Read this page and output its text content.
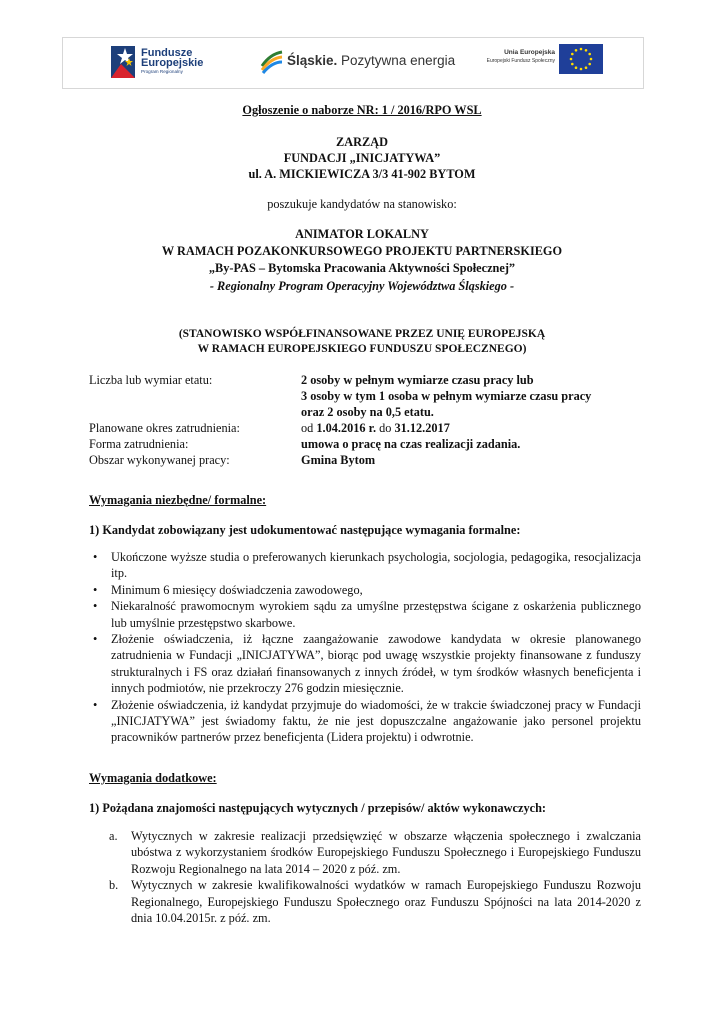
Fundusze
Europejskie
Program Regionalny
Śląskie. Pozytywna energia
Unia Europejska
Europejski Fundusz Społeczny
Ogłoszenie o naborze NR: 1 / 2016/RPO WSL
ZARZĄD
FUNDACJI „INICJATYWA”
ul. A. MICKIEWICZA 3/3 41-902 BYTOM
poszukuje kandydatów na stanowisko:
ANIMATOR LOKALNY
W RAMACH POZAKONKURSOWEGO PROJEKTU PARTNERSKIEGO
„By-PAS – Bytomska Pracowania Aktywności Społecznej”
- Regionalny Program Operacyjny Województwa Śląskiego -
(STANOWISKO WSPÓŁFINANSOWANE PRZEZ UNIĘ EUROPEJSKĄ
W RAMACH EUROPEJSKIEGO FUNDUSZU SPOŁECZNEGO)
Liczba lub wymiar etatu:	2 osoby w pełnym wymiarze czasu pracy lub
3 osoby w tym 1 osoba w pełnym wymiarze czasu pracy
oraz 2 osoby na 0,5 etatu.
Planowane okres zatrudnienia:	od 1.04.2016 r. do 31.12.2017
Forma zatrudnienia:	umowa o pracę na czas realizacji zadania.
Obszar wykonywanej pracy:	Gmina Bytom
Wymagania niezbędne/ formalne:
1) Kandydat zobowiązany jest udokumentować następujące wymagania formalne:
• Ukończone wyższe studia o preferowanych kierunkach psychologia, socjologia, pedagogika, resocjalizacja itp.
• Minimum 6 miesięcy doświadczenia zawodowego,
• Niekaralność prawomocnym wyrokiem sądu za umyślne przestępstwa ścigane z oskarżenia publicznego lub umyślnie przestępstwo skarbowe.
• Złożenie oświadczenia, iż łączne zaangażowanie zawodowe kandydata w okresie planowanego zatrudnienia w Fundacji „INICJATYWA”, biorąc pod uwagę wszystkie projekty finansowane z funduszy strukturalnych i FS oraz działań finansowanych z innych źródeł, w tym środków własnych beneficjenta i innych podmiotów, nie przekroczy 276 godzin miesięcznie.
• Złożenie oświadczenia, iż kandydat przyjmuje do wiadomości, że w trakcie świadczonej pracy w Fundacji „INICJATYWA” jest świadomy faktu, że nie jest dopuszczalne angażowanie jako personel projektu pracowników partnerów przez beneficjenta (Lidera projektu) i odwrotnie.
Wymagania dodatkowe:
1) Pożądana znajomości następujących wytycznych / przepisów/ aktów wykonawczych:
a. Wytycznych w zakresie realizacji przedsięwzięć w obszarze włączenia społecznego i zwalczania ubóstwa z wykorzystaniem środków Europejskiego Funduszu Społecznego i Europejskiego Funduszu Rozwoju Regionalnego na lata 2014 – 2020 z póź. zm.
b. Wytycznych w zakresie kwalifikowalności wydatków w ramach Europejskiego Funduszu Rozwoju Regionalnego, Europejskiego Funduszu Społecznego oraz Funduszu Spójności na lata 2014-2020 z dnia 10.04.2015r. z póź. zm.
